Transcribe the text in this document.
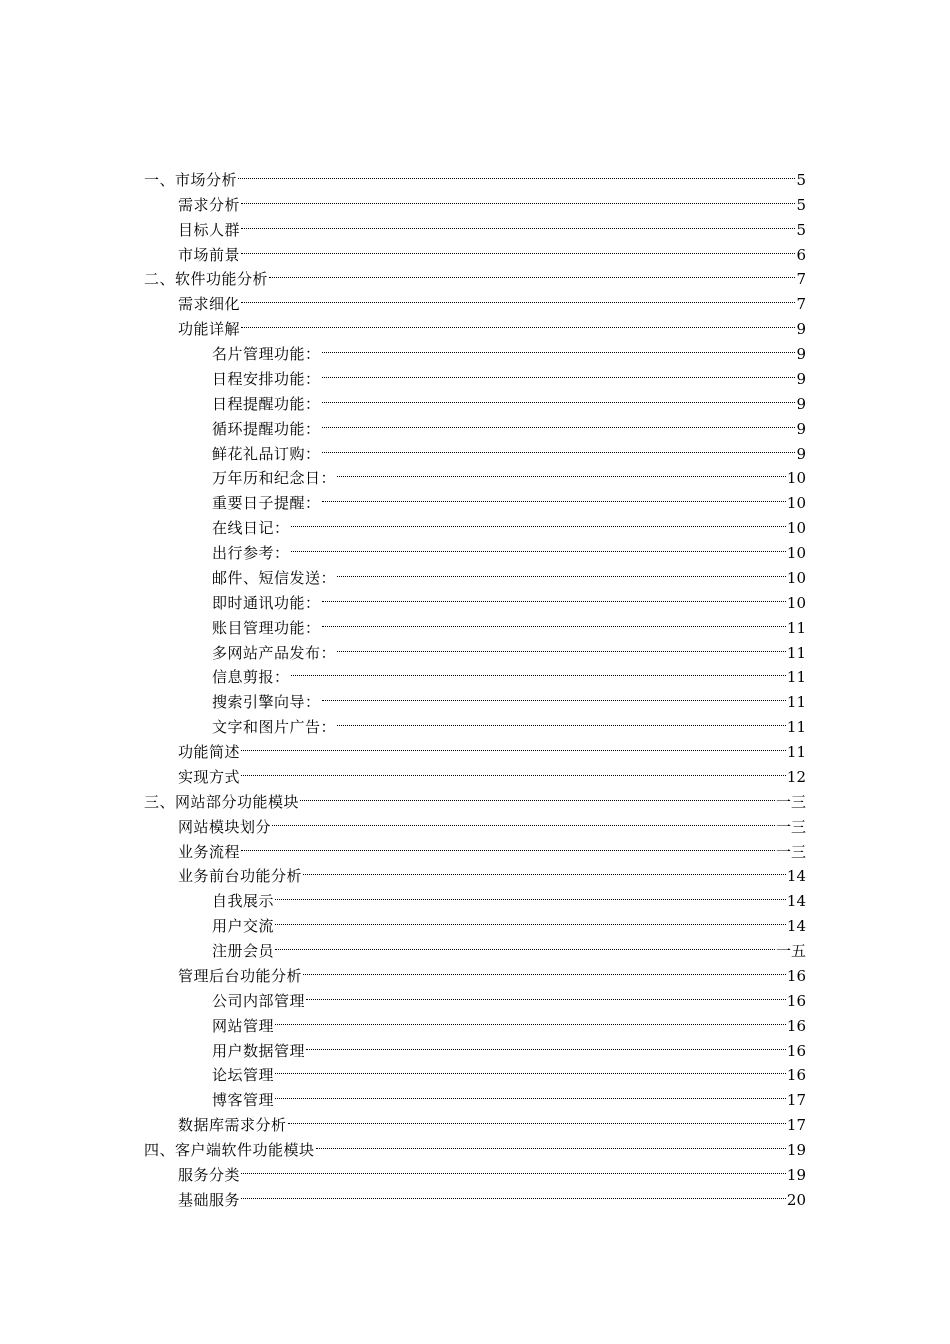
一、市场分析	5
需求分析	5
目标人群	5
市场前景	6
二、软件功能分析	7
需求细化	7
功能详解	9
名片管理功能：	9
日程安排功能：	9
日程提醒功能：	9
循环提醒功能：	9
鲜花礼品订购：	9
万年历和纪念日：	10
重要日子提醒：	10
在线日记：	10
出行参考：	10
邮件、短信发送：	10
即时通讯功能：	10
账目管理功能：	11
多网站产品发布：	11
信息剪报：	11
搜索引擎向导：	11
文字和图片广告：	11
功能简述	11
实现方式	12
三、网站部分功能模块	一三
网站模块划分	一三
业务流程	一三
业务前台功能分析	14
自我展示	14
用户交流	14
注册会员	一五
管理后台功能分析	16
公司内部管理	16
网站管理	16
用户数据管理	16
论坛管理	16
博客管理	17
数据库需求分析	17
四、客户端软件功能模块	19
服务分类	19
基础服务	20
